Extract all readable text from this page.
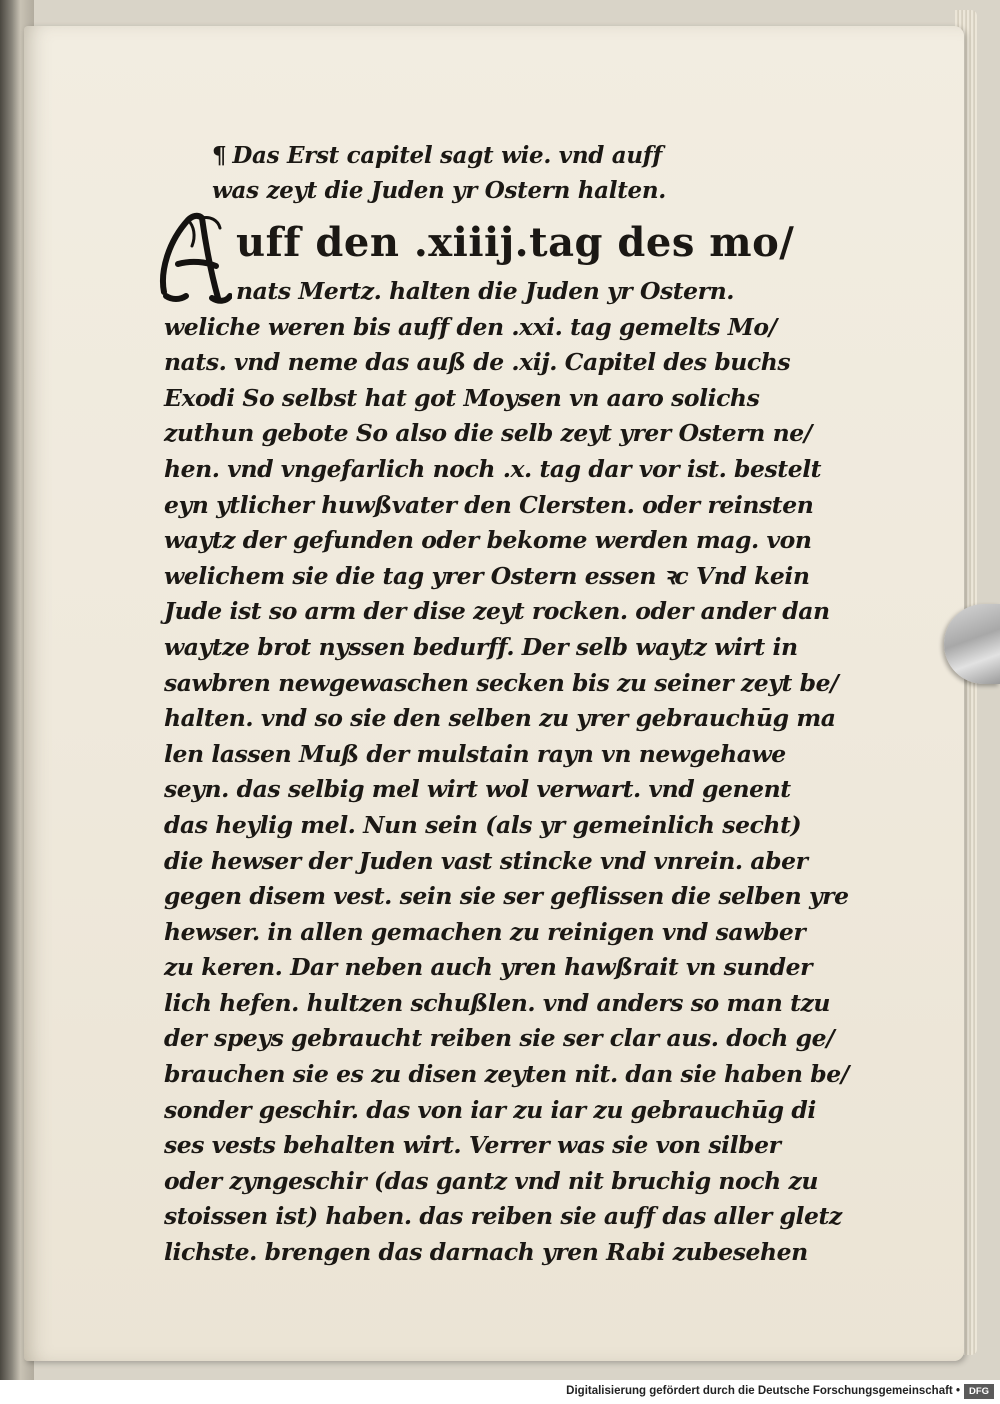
¶ Das Erst capitel sagt wie. vnd auff
was zeyt die Juden yr Ostern halten.
uff den .xiiij.tag des mo/
nats Mertz. halten die Juden yr Ostern.
weliche weren bis auff den .xxi. tag gemelts Mo/
nats. vnd neme das auß de .xij. Capitel des buchs
Exodi So selbst hat got Moysen vn aaro solichs
zuthun gebote So also die selb zeyt yrer Ostern ne/
hen. vnd vngefarlich noch .x. tag dar vor ist. bestelt
eyn ytlicher huwßvater den Clersten. oder reinsten
waytz der gefunden oder bekome werden mag. von
welichem sie die tag yrer Ostern essen ꝛc Vnd kein
Jude ist so arm der dise zeyt rocken. oder ander dan
waytze brot nyssen bedurff. Der selb waytz wirt in
sawbren newgewaschen secken bis zu seiner zeyt be/
halten. vnd so sie den selben zu yrer gebrauchūg ma
len lassen Muß der mulstain rayn vn newgehawe
seyn. das selbig mel wirt wol verwart. vnd genent
das heylig mel. Nun sein (als yr gemeinlich secht)
die hewser der Juden vast stincke vnd vnrein. aber
gegen disem vest. sein sie ser geflissen die selben yre
hewser. in allen gemachen zu reinigen vnd sawber
zu keren. Dar neben auch yren hawßrait vn sunder
lich hefen. hultzen schußlen. vnd anders so man tzu
der speys gebraucht reiben sie ser clar aus. doch ge/
brauchen sie es zu disen zeyten nit. dan sie haben be/
sonder geschir. das von iar zu iar zu gebrauchūg di
ses vests behalten wirt. Verrer was sie von silber
oder zyngeschir (das gantz vnd nit bruchig noch zu
stoissen ist) haben. das reiben sie auff das aller gletz
lichste. brengen das darnach yren Rabi zubesehen
Digitalisierung gefördert durch die Deutsche Forschungsgemeinschaft • DFG
